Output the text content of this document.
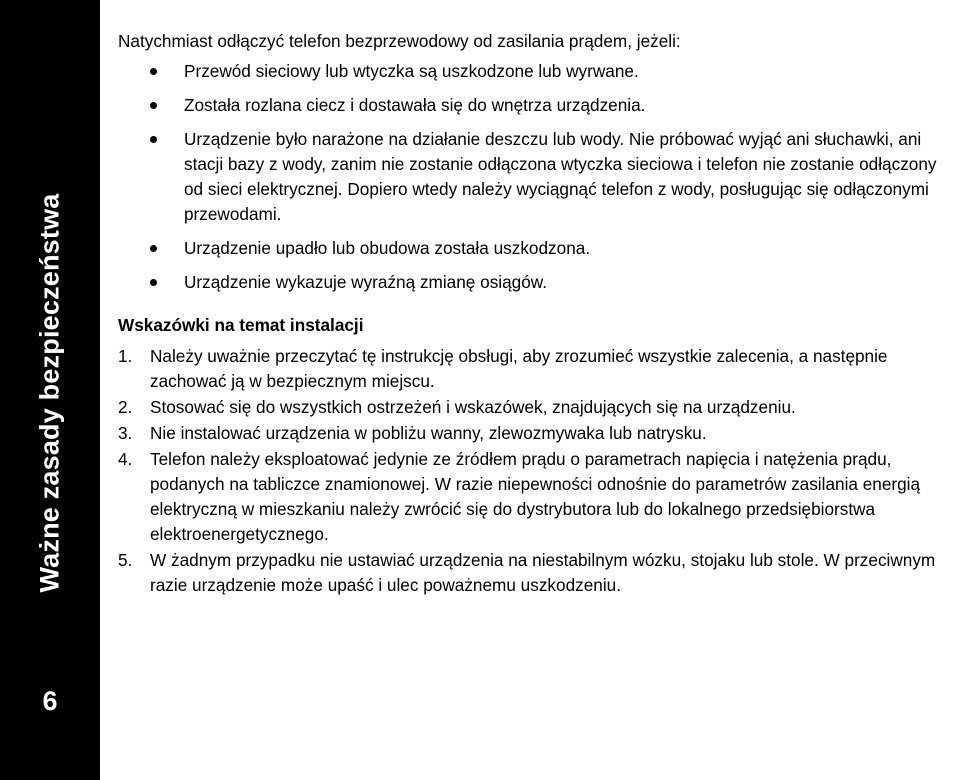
Ważne zasady bezpieczeństwa
6

Natychmiast odłączyć telefon bezprzewodowy od zasilania prądem, jeżeli:

Przewód sieciowy lub wtyczka są uszkodzone lub wyrwane.
Została rozlana ciecz i dostawała się do wnętrza urządzenia.
Urządzenie było narażone na działanie deszczu lub wody. Nie próbować wyjąć ani słuchawki, ani stacji bazy z wody, zanim nie zostanie odłączona wtyczka sieciowa i telefon nie zostanie odłączony od sieci elektrycznej. Dopiero wtedy należy wyciągnąć telefon z wody, posługując się odłączonymi przewodami.
Urządzenie upadło lub obudowa została uszkodzona.
Urządzenie wykazuje wyraźną zmianę osiągów.
Wskazówki na temat instalacji
1. Należy uważnie przeczytać tę instrukcję obsługi, aby zrozumieć wszystkie zalecenia, a następnie zachować ją w bezpiecznym miejscu.
2. Stosować się do wszystkich ostrzeżeń i wskazówek, znajdujących się na urządzeniu.
3. Nie instalować urządzenia w pobliżu wanny, zlewozmywaka lub natrysku.
4. Telefon należy eksploatować jedynie ze źródłem prądu o parametrach napięcia i natężenia prądu, podanych na tabliczce znamionowej. W razie niepewności odnośnie do parametrów zasilania energią elektryczną w mieszkaniu należy zwrócić się do dystrybutora lub do lokalnego przedsiębiorstwa elektroenergetycznego.
5. W żadnym przypadku nie ustawiać urządzenia na niestabilnym wózku, stojaku lub stole. W przeciwnym razie urządzenie może upaść i ulec poważnemu uszkodzeniu.
